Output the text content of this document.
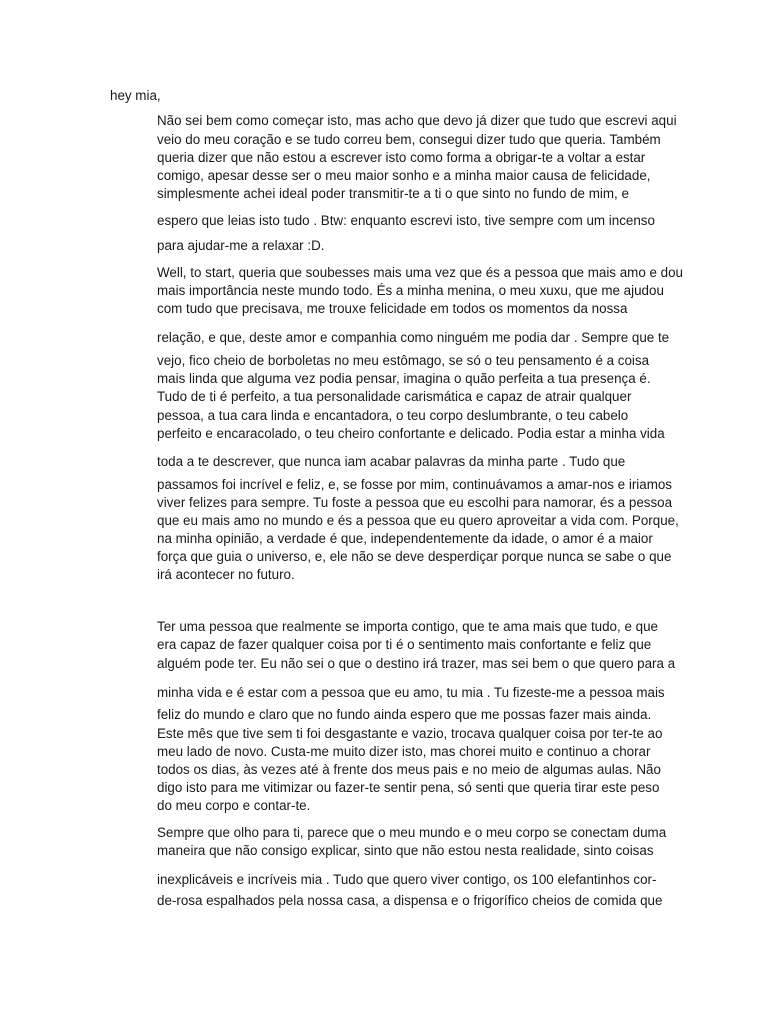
hey mia,
Não sei bem como começar isto, mas acho que devo já dizer que tudo que escrevi aqui
veio do meu coração e se tudo correu bem, consegui dizer tudo que queria. Também
queria dizer que não estou a escrever isto como forma a obrigar-te a voltar a estar
comigo, apesar desse ser o meu maior sonho e a minha maior causa de felicidade,
simplesmente achei ideal poder transmitir-te a ti o que sinto no fundo de mim, e
espero que leias isto tudo . Btw: enquanto escrevi isto, tive sempre com um incenso
para ajudar-me a relaxar :D.
Well, to start, queria que soubesses mais uma vez que és a pessoa que mais amo e dou
mais importância neste mundo todo. És a minha menina, o meu xuxu, que me ajudou
com tudo que precisava, me trouxe felicidade em todos os momentos da nossa
relação, e que, deste amor e companhia como ninguém me podia dar . Sempre que te
vejo, fico cheio de borboletas no meu estômago, se só o teu pensamento é a coisa
mais linda que alguma vez podia pensar, imagina o quão perfeita a tua presença é.
Tudo de ti é perfeito, a tua personalidade carismática e capaz de atrair qualquer
pessoa, a tua cara linda e encantadora, o teu corpo deslumbrante, o teu cabelo
perfeito e encaracolado, o teu cheiro confortante e delicado. Podia estar a minha vida
toda a te descrever, que nunca iam acabar palavras da minha parte . Tudo que
passamos foi incrível e feliz, e, se fosse por mim, continuávamos a amar-nos e iriamos
viver felizes para sempre. Tu foste a pessoa que eu escolhi para namorar, és a pessoa
que eu mais amo no mundo e és a pessoa que eu quero aproveitar a vida com. Porque,
na minha opinião, a verdade é que, independentemente da idade, o amor é a maior
força que guia o universo, e, ele não se deve desperdiçar porque nunca se sabe o que
irá acontecer no futuro.
Ter uma pessoa que realmente se importa contigo, que te ama mais que tudo, e que
era capaz de fazer qualquer coisa por ti é o sentimento mais confortante e feliz que
alguém pode ter. Eu não sei o que o destino irá trazer, mas sei bem o que quero para a
minha vida e é estar com a pessoa que eu amo, tu mia . Tu fizeste-me a pessoa mais
feliz do mundo e claro que no fundo ainda espero que me possas fazer mais ainda.
Este mês que tive sem ti foi desgastante e vazio, trocava qualquer coisa por ter-te ao
meu lado de novo. Custa-me muito dizer isto, mas chorei muito e continuo a chorar
todos os dias, às vezes até à frente dos meus pais e no meio de algumas aulas. Não
digo isto para me vitimizar ou fazer-te sentir pena, só senti que queria tirar este peso
do meu corpo e contar-te.
Sempre que olho para ti, parece que o meu mundo e o meu corpo se conectam duma
maneira que não consigo explicar, sinto que não estou nesta realidade, sinto coisas
inexplicáveis e incríveis mia . Tudo que quero viver contigo, os 100 elefantinhos cor-
de-rosa espalhados pela nossa casa, a dispensa e o frigorífico cheios de comida que
